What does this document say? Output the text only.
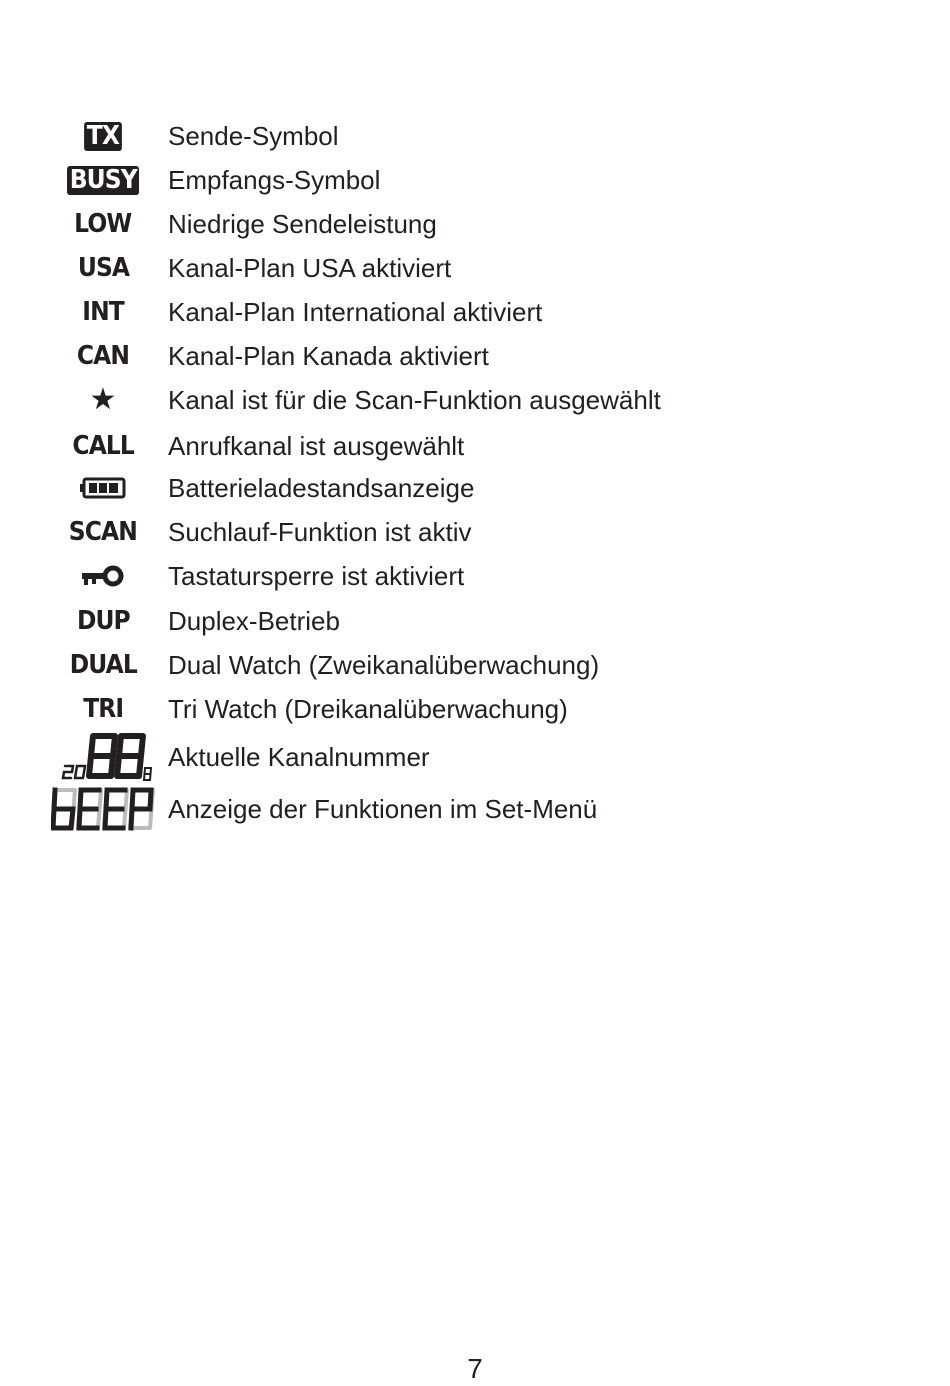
TX Sende-Symbol
BUSY Empfangs-Symbol
LOW Niedrige Sendeleistung
USA Kanal-Plan USA aktiviert
INT Kanal-Plan International aktiviert
CAN Kanal-Plan Kanada aktiviert
★ Kanal ist für die Scan-Funktion ausgewählt
CALL Anrufkanal ist ausgewählt
Batterieladestandsanzeige
SCAN Suchlauf-Funktion ist aktiv
Tastatursperre ist aktiviert
DUP Duplex-Betrieb
DUAL Dual Watch (Zweikanalüberwachung)
TRI Tri Watch (Dreikanalüberwachung)
Aktuelle Kanalnummer
Anzeige der Funktionen im Set-Menü
7
